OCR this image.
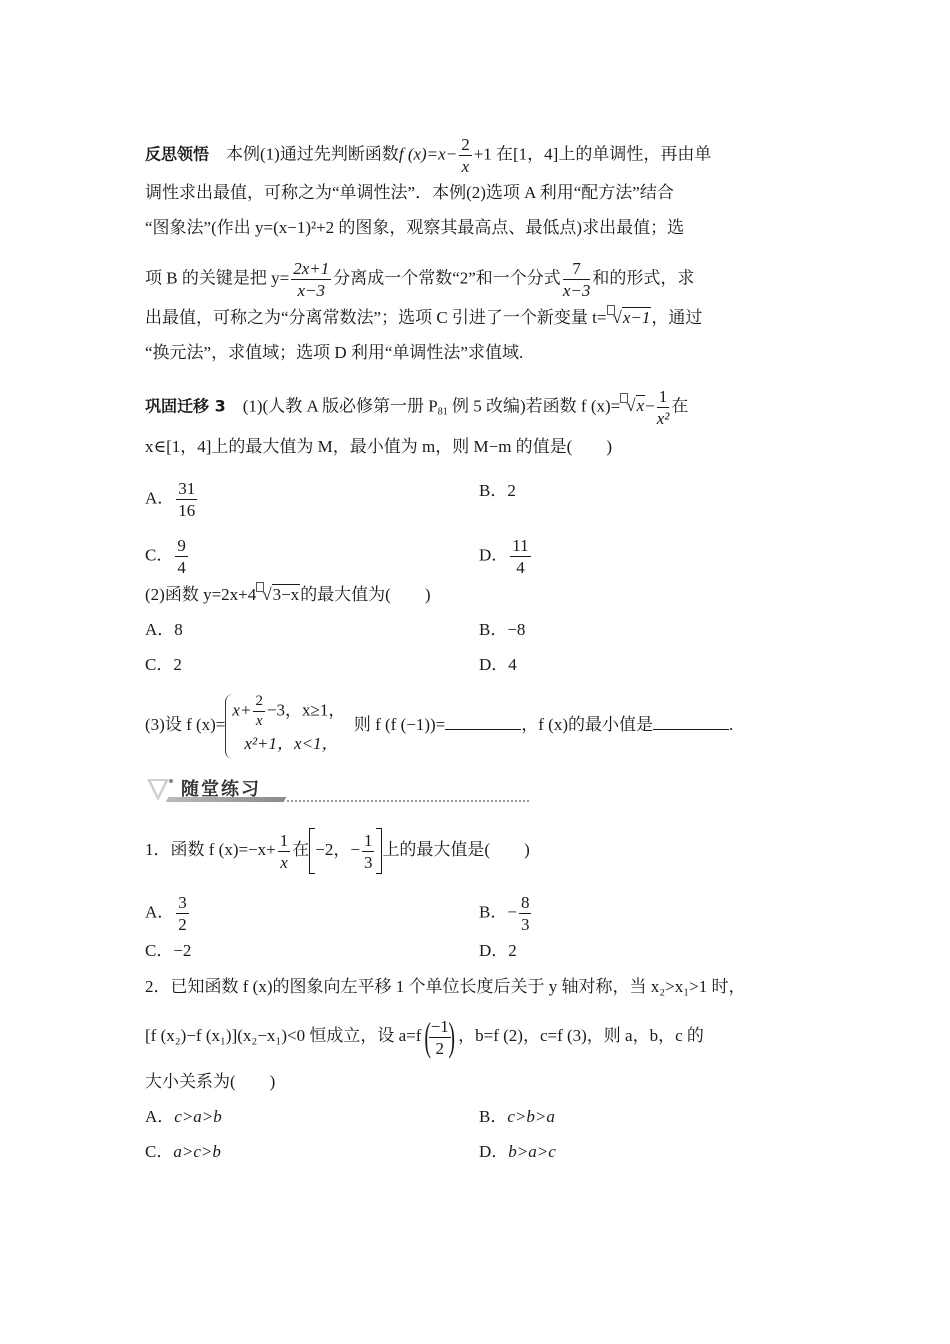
反思领悟  本例(1)通过先判断函数f $(x)=x- \frac{2}{x} +1$ 在[1，4]上的单调性，再由单
调性求出最值，可称之为“单调性法”．本例(2)选项 A 利用“配方法”结合
“图象法”(作出 y=(x−1)²+2 的图象，观察其最高点、最低点)求出最值；选
项 B 的关键是把 $y= \frac{2x+1}{x-3}$ 分离成一个常数“2”和一个分式 $\frac{7}{x-3}$ 和的形式，求
出最值，可称之为“分离常数法”；选项 C 引进了一个新变量 t= √x−1，通过
“换元法”，求值域；选项 D 利用“单调性法”求值域.
巩固迁移 3  (1)(人教 A 版必修第一册 $P_{81}$ 例 5 改编)若函数 f $(x)= √x- \frac{1}{\text{x²}}$ 在
x∈[1，4]上的最大值为 M，最小值为 m，则 M−m 的值是(　　)
A． $\frac{31}{16}$	B．2
C． $\frac{9}{4}$	D． $\frac{11}{4}$
(2)函数 y=2x+4 √3−x的最大值为(　　)
A．8	B．−8
C．2	D．4
(3)设 f (x)=
$x+ \frac{2}{x} -3$，x≥1，
x²+1，x<1，
 则 f (f (−1))=	，f (x)的最小值是	.
随堂练习
1．函数 f $(x)=-x+ \frac{1}{x}$ 在 −2，− $\frac{1}{3}$ 上的最大值是(　　)
A． $\frac{3}{2}$	B．− $\frac{8}{3}$
C．−2	D．2
2．已知函数 f (x)的图象向左平移 1 个单位长度后关于 y 轴对称，当 x₂>x₁>1 时，
[f (x₂)−f (x₁)](x₂−x₁)<0 恒成立，设 a=f(
$\frac{-1}{2}$
) ，b=f (2)，c=f (3)，则 a，b，c 的
大小关系为(　　)
A．c>a>b	B．c>b>a
C．a>c>b	D．b>a>c
